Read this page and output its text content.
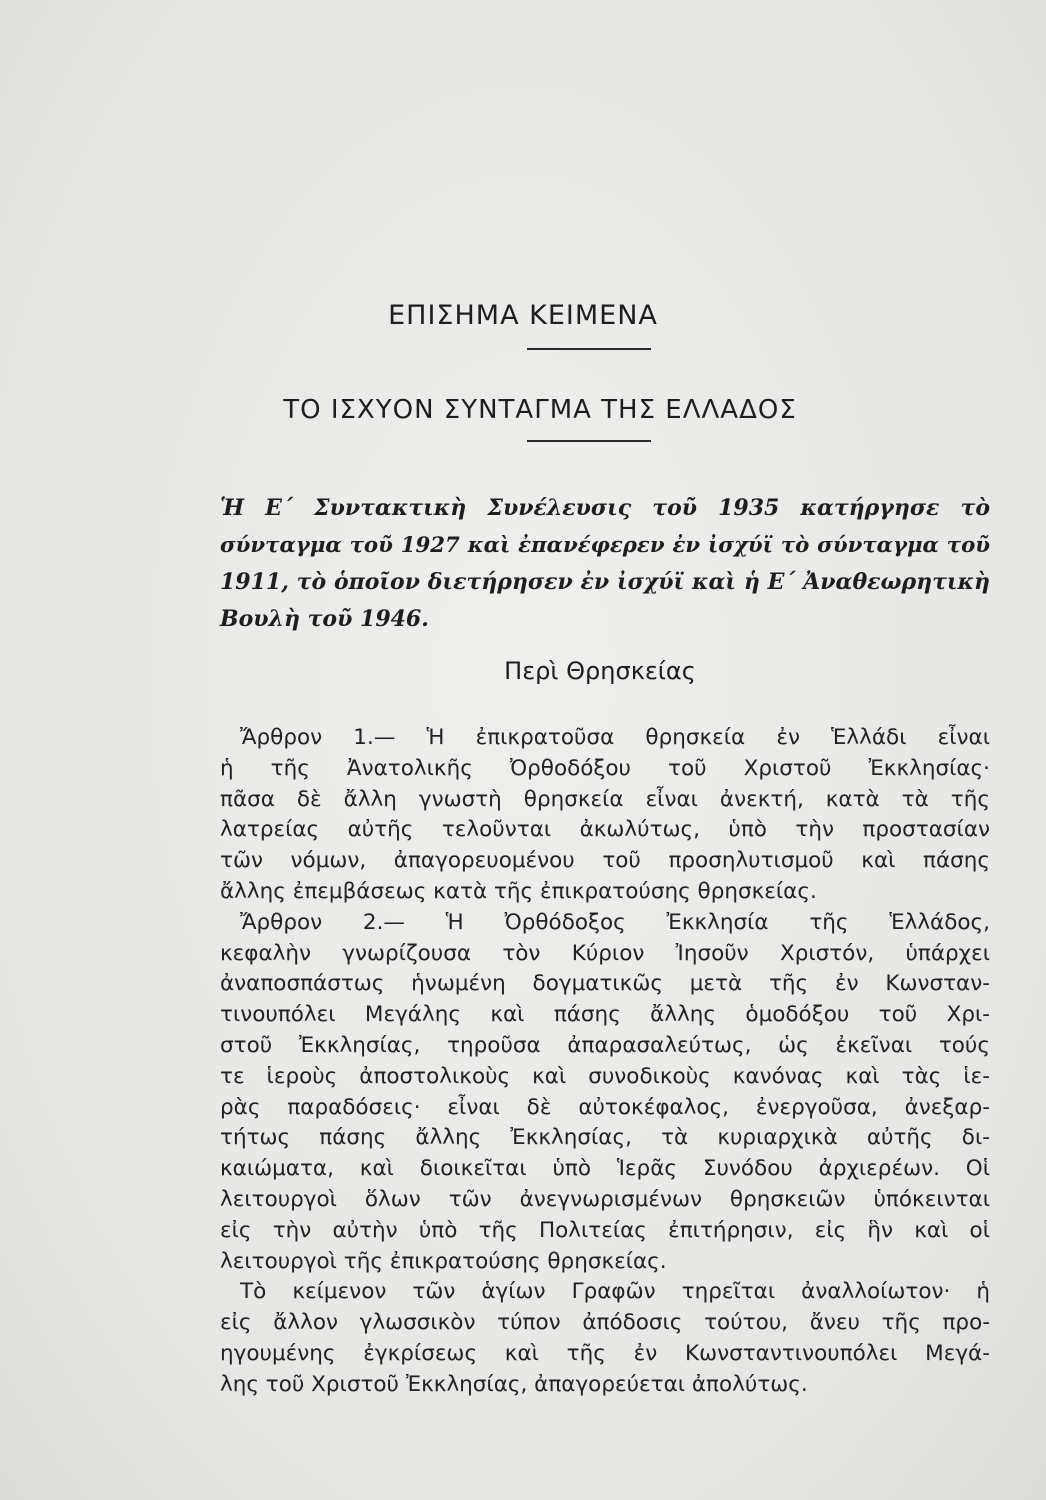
ΕΠΙΣΗΜΑ ΚΕΙΜΕΝΑ
ΤΟ ΙΣΧΥΟΝ ΣΥΝΤΑΓΜΑ ΤΗΣ ΕΛΛΑΔΟΣ

Ἡ Ε΄ Συντακτικὴ Συνέλευσις τοῦ 1935 κατήργησε τὸ
σύνταγμα τοῦ 1927 καὶ ἐπανέφερεν ἐν ἰσχύϊ τὸ σύνταγμα τοῦ
1911, τὸ ὁποῖον διετήρησεν ἐν ἰσχύϊ καὶ ἡ Ε΄ Ἀναθεωρητικὴ
Βουλὴ τοῦ 1946.

Περὶ Θρησκείας

Ἄρθρον 1.— Ἡ ἐπικρατοῦσα θρησκεία ἐν Ἑλλάδι εἶναι
ἡ τῆς Ἀνατολικῆς Ὀρθοδόξου τοῦ Χριστοῦ Ἐκκλησίας·
πᾶσα δὲ ἄλλη γνωστὴ θρησκεία εἶναι ἀνεκτή, κατὰ τὰ τῆς
λατρείας αὐτῆς τελοῦνται ἀκωλύτως, ὑπὸ τὴν προστασίαν
τῶν νόμων, ἀπαγορευομένου τοῦ προσηλυτισμοῦ καὶ πάσης
ἄλλης ἐπεμβάσεως κατὰ τῆς ἐπικρατούσης θρησκείας.
Ἄρθρον 2.— Ἡ Ὀρθόδοξος Ἐκκλησία τῆς Ἑλλάδος,
κεφαλὴν γνωρίζουσα τὸν Κύριον Ἰησοῦν Χριστόν, ὑπάρχει
ἀναποσπάστως ἡνωμένη δογματικῶς μετὰ τῆς ἐν Κωνσταν-
τινουπόλει Μεγάλης καὶ πάσης ἄλλης ὁμοδόξου τοῦ Χρι-
στοῦ Ἐκκλησίας, τηροῦσα ἀπαρασαλεύτως, ὡς ἐκεῖναι τούς
τε ἱεροὺς ἀποστολικοὺς καὶ συνοδικοὺς κανόνας καὶ τὰς ἱε-
ρὰς παραδόσεις· εἶναι δὲ αὐτοκέφαλος, ἐνεργοῦσα, ἀνεξαρ-
τήτως πάσης ἄλλης Ἐκκλησίας, τὰ κυριαρχικὰ αὐτῆς δι-
καιώματα, καὶ διοικεῖται ὑπὸ Ἱερᾶς Συνόδου ἀρχιερέων. Οἱ
λειτουργοὶ ὅλων τῶν ἀνεγνωρισμένων θρησκειῶν ὑπόκεινται
εἰς τὴν αὐτὴν ὑπὸ τῆς Πολιτείας ἐπιτήρησιν, εἰς ἣν καὶ οἱ
λειτουργοὶ τῆς ἐπικρατούσης θρησκείας.
Τὸ κείμενον τῶν ἁγίων Γραφῶν τηρεῖται ἀναλλοίωτον· ἡ
εἰς ἄλλον γλωσσικὸν τύπον ἀπόδοσις τούτου, ἄνευ τῆς προ-
ηγουμένης ἐγκρίσεως καὶ τῆς ἐν Κωνσταντινουπόλει Μεγά-
λης τοῦ Χριστοῦ Ἐκκλησίας, ἀπαγορεύεται ἀπολύτως.
